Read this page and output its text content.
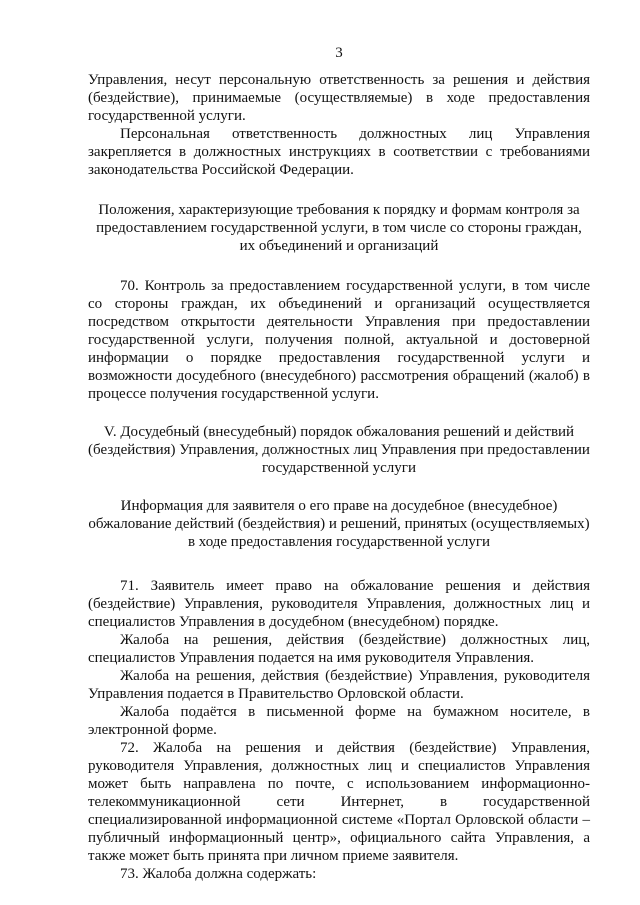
3

Управления, несут персональную ответственность за решения и действия (бездействие), принимаемые (осуществляемые) в ходе предоставления государственной услуги.

Персональная ответственность должностных лиц Управления закрепляется в должностных инструкциях в соответствии с требованиями законодательства Российской Федерации.

Положения, характеризующие требования к порядку и формам контроля за предоставлением государственной услуги, в том числе со стороны граждан, их объединений и организаций

70. Контроль за предоставлением государственной услуги, в том числе со стороны граждан, их объединений и организаций осуществляется посредством открытости деятельности Управления при предоставлении государственной услуги, получения полной, актуальной и достоверной информации о порядке предоставления государственной услуги и возможности досудебного (внесудебного) рассмотрения обращений (жалоб) в процессе получения государственной услуги.

V. Досудебный (внесудебный) порядок обжалования решений и действий (бездействия) Управления, должностных лиц Управления при предоставлении государственной услуги

Информация для заявителя о его праве на досудебное (внесудебное) обжалование действий (бездействия) и решений, принятых (осуществляемых) в ходе предоставления государственной услуги

71. Заявитель имеет право на обжалование решения и действия (бездействие) Управления, руководителя Управления, должностных лиц и специалистов Управления в досудебном (внесудебном) порядке.

Жалоба на решения, действия (бездействие) должностных лиц, специалистов Управления подается на имя руководителя Управления.

Жалоба на решения, действия (бездействие) Управления, руководителя Управления подается в Правительство Орловской области.

Жалоба подаётся в письменной форме на бумажном носителе, в электронной форме.

72. Жалоба на решения и действия (бездействие) Управления, руководителя Управления, должностных лиц и специалистов Управления может быть направлена по почте, с использованием информационно-телекоммуникационной сети Интернет, в государственной специализированной информационной системе «Портал Орловской области – публичный информационный центр», официального сайта Управления, а также может быть принята при личном приеме заявителя.

73. Жалоба должна содержать:
